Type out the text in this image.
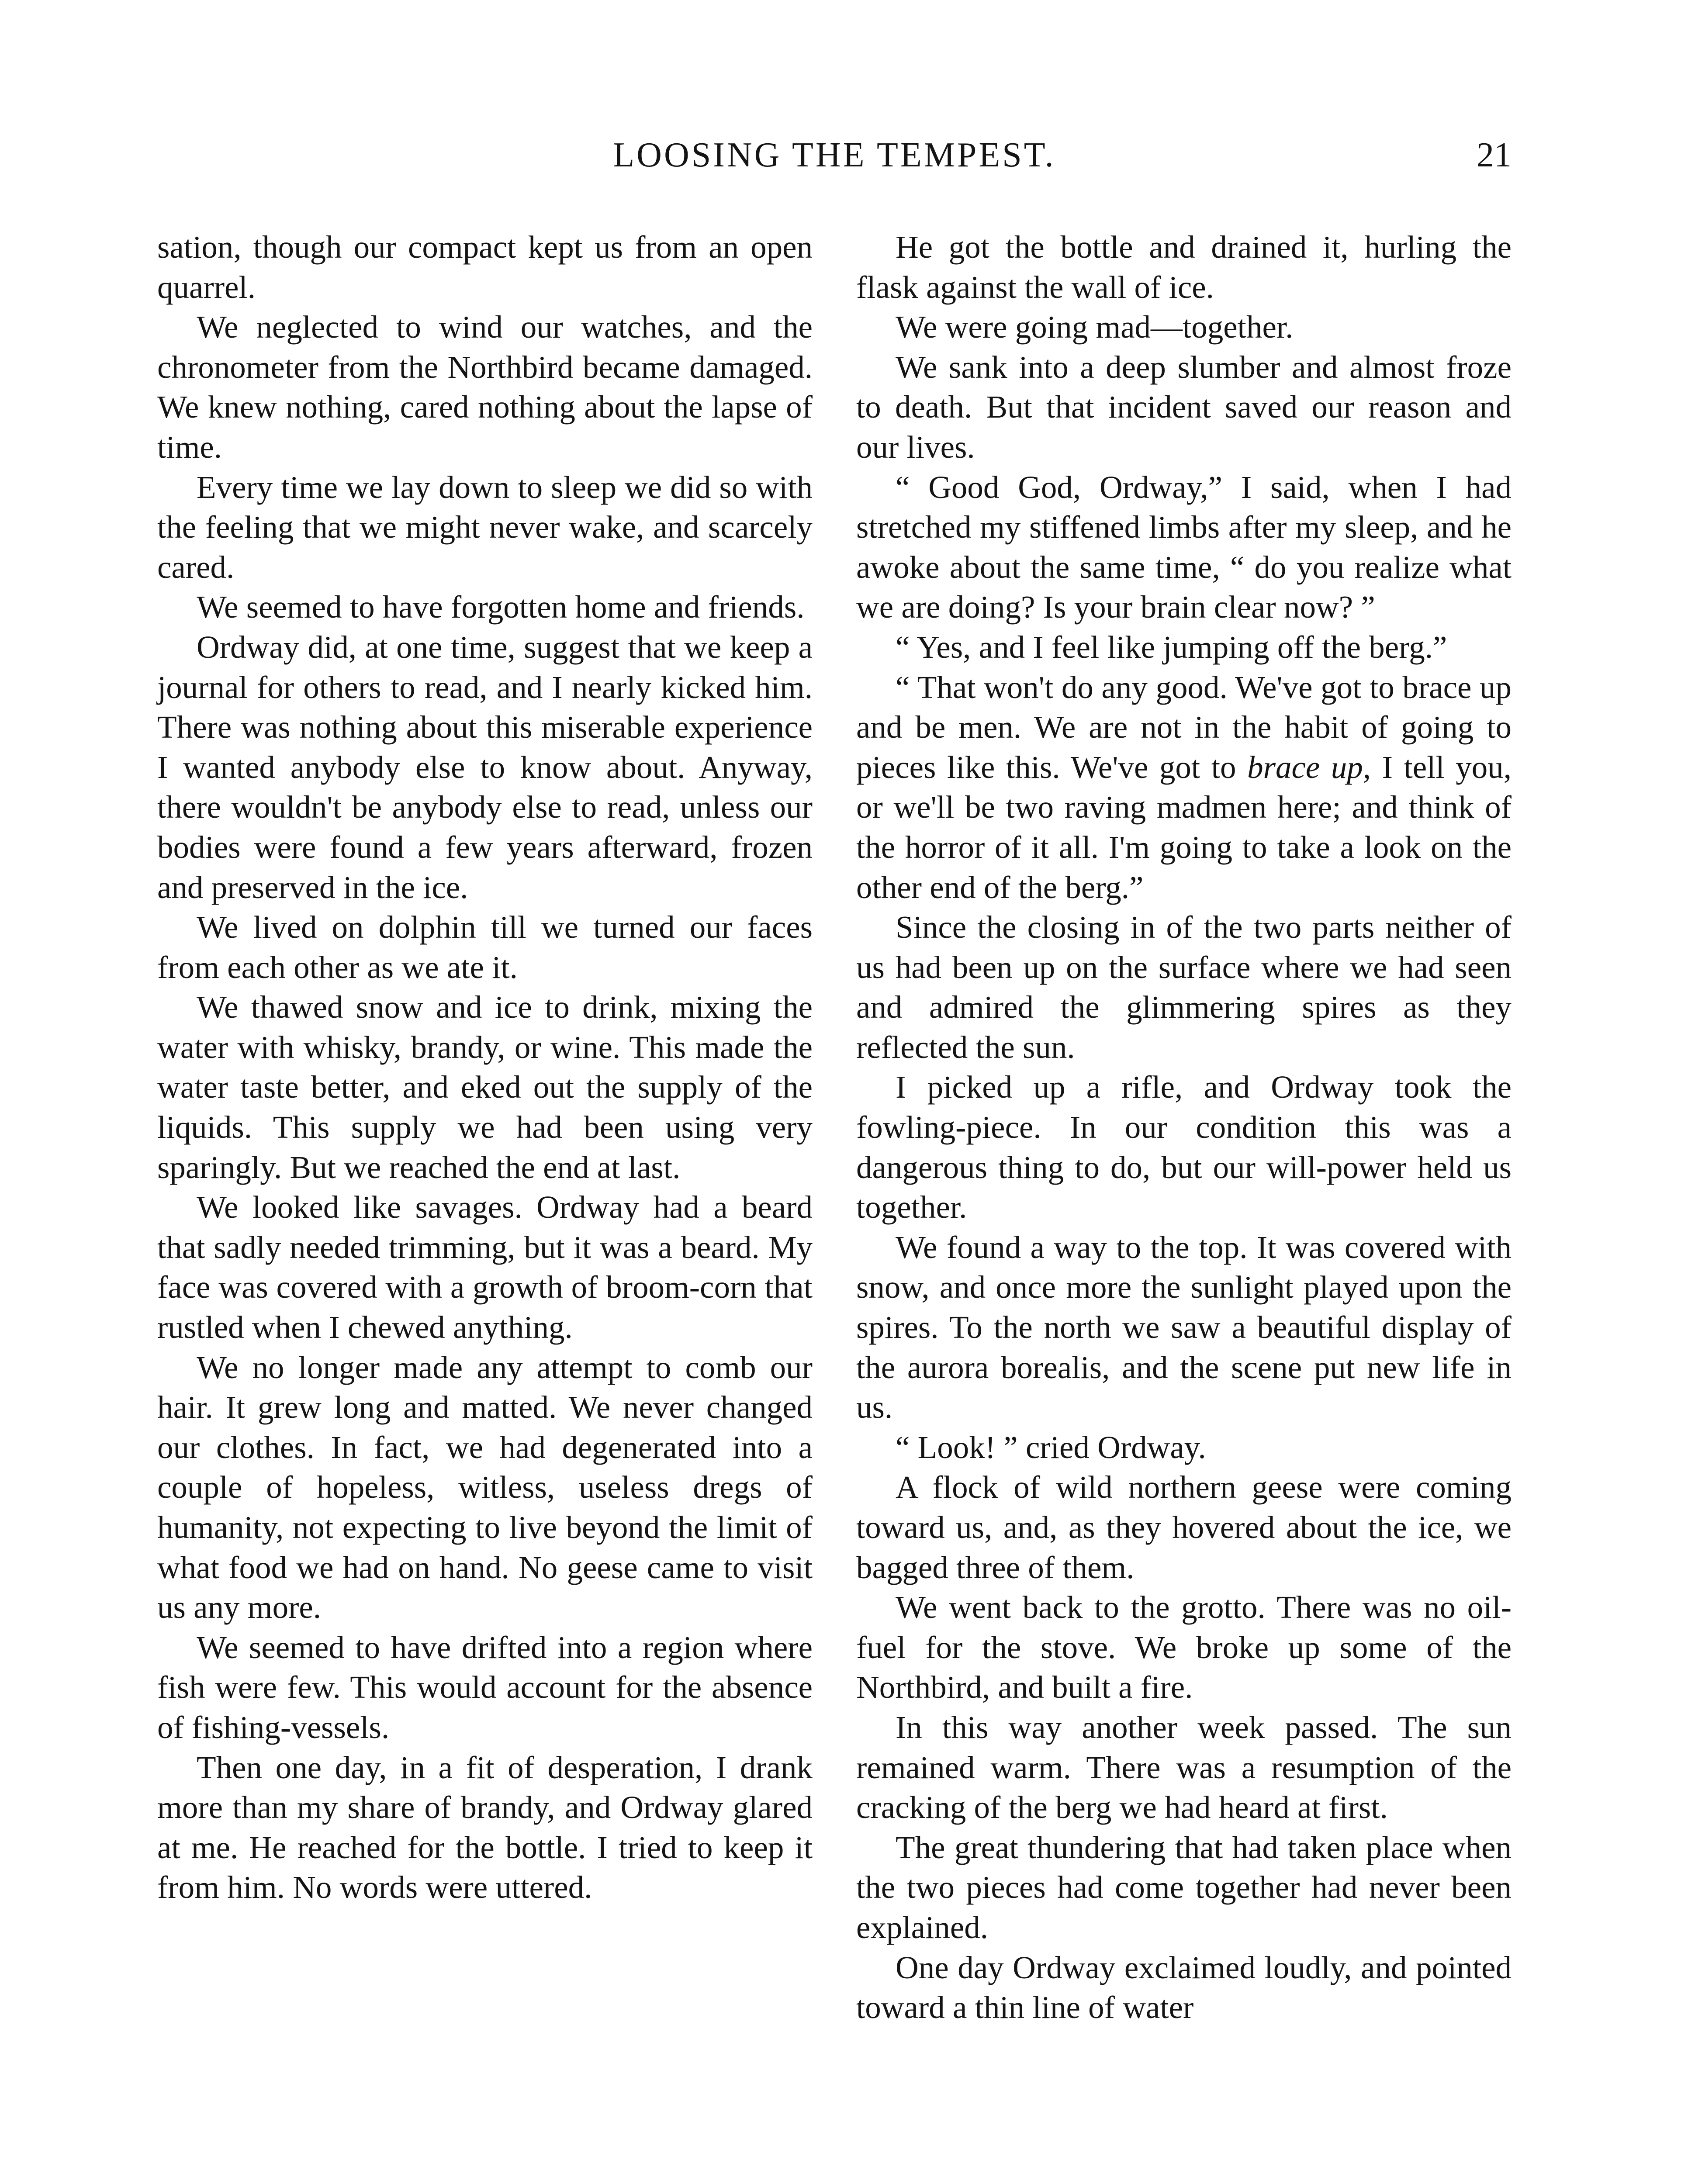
LOOSING THE TEMPEST.	21

sation, though our compact kept us from an open quarrel.

We neglected to wind our watches, and the chronometer from the Northbird became damaged. We knew nothing, cared nothing about the lapse of time.

Every time we lay down to sleep we did so with the feeling that we might never wake, and scarcely cared.

We seemed to have forgotten home and friends.

Ordway did, at one time, suggest that we keep a journal for others to read, and I nearly kicked him. There was nothing about this miserable experience I wanted anybody else to know about. Anyway, there wouldn't be anybody else to read, unless our bodies were found a few years afterward, frozen and preserved in the ice.

We lived on dolphin till we turned our faces from each other as we ate it.

We thawed snow and ice to drink, mixing the water with whisky, brandy, or wine. This made the water taste better, and eked out the supply of the liquids. This supply we had been using very sparingly. But we reached the end at last.

We looked like savages. Ordway had a beard that sadly needed trimming, but it was a beard. My face was covered with a growth of broom-corn that rustled when I chewed anything.

We no longer made any attempt to comb our hair. It grew long and matted. We never changed our clothes. In fact, we had degenerated into a couple of hopeless, witless, useless dregs of humanity, not expecting to live beyond the limit of what food we had on hand. No geese came to visit us any more.

We seemed to have drifted into a region where fish were few. This would account for the absence of fishing-vessels.

Then one day, in a fit of desperation, I drank more than my share of brandy, and Ordway glared at me. He reached for the bottle. I tried to keep it from him. No words were uttered.

He got the bottle and drained it, hurling the flask against the wall of ice.

We were going mad—together.

We sank into a deep slumber and almost froze to death. But that incident saved our reason and our lives.

“ Good God, Ordway,” I said, when I had stretched my stiffened limbs after my sleep, and he awoke about the same time, “ do you realize what we are doing? Is your brain clear now? ”

“ Yes, and I feel like jumping off the berg.”

“ That won't do any good. We've got to brace up and be men. We are not in the habit of going to pieces like this. We've got to brace up, I tell you, or we'll be two raving madmen here; and think of the horror of it all. I'm going to take a look on the other end of the berg.”

Since the closing in of the two parts neither of us had been up on the surface where we had seen and admired the glimmering spires as they reflected the sun.

I picked up a rifle, and Ordway took the fowling-piece. In our condition this was a dangerous thing to do, but our will-power held us together.

We found a way to the top. It was covered with snow, and once more the sunlight played upon the spires. To the north we saw a beautiful display of the aurora borealis, and the scene put new life in us.

“ Look! ” cried Ordway.

A flock of wild northern geese were coming toward us, and, as they hovered about the ice, we bagged three of them.

We went back to the grotto. There was no oil-fuel for the stove. We broke up some of the Northbird, and built a fire.

In this way another week passed. The sun remained warm. There was a resumption of the cracking of the berg we had heard at first.

The great thundering that had taken place when the two pieces had come together had never been explained.

One day Ordway exclaimed loudly, and pointed toward a thin line of water
